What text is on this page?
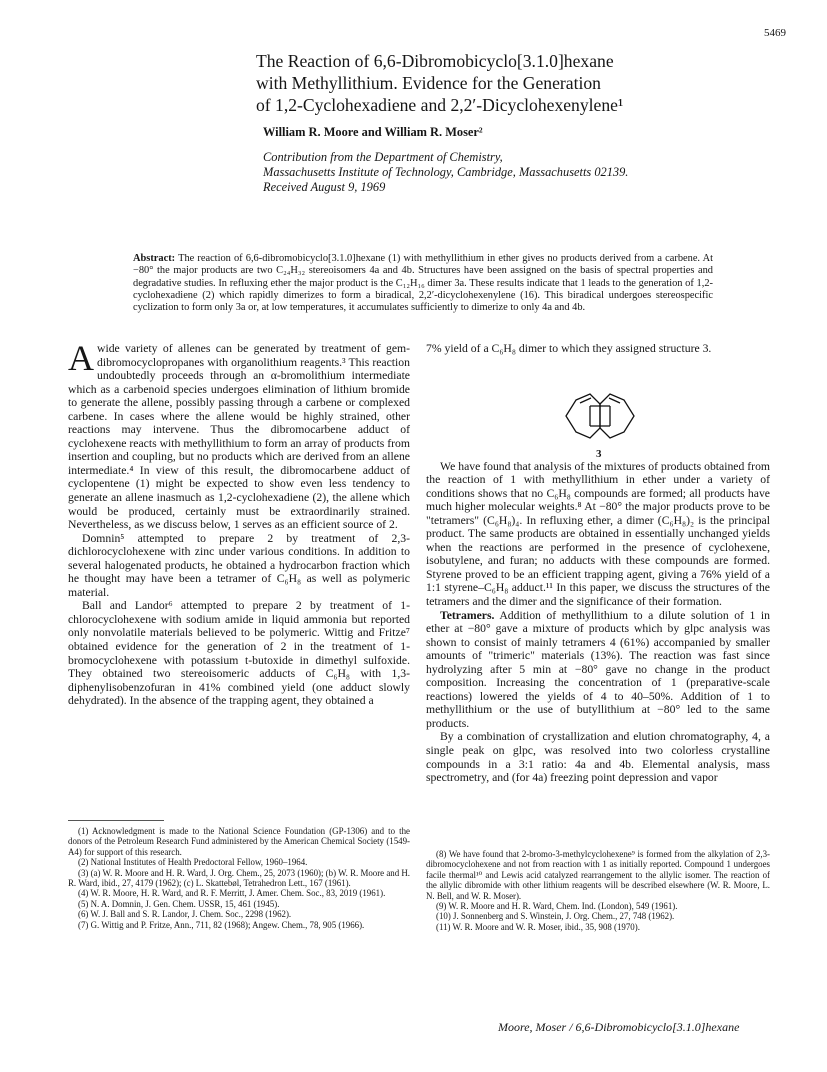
5469
The Reaction of 6,6-Dibromobicyclo[3.1.0]hexane
with Methyllithium. Evidence for the Generation
of 1,2-Cyclohexadiene and 2,2′-Dicyclohexenylene¹
William R. Moore and William R. Moser²
Contribution from the Department of Chemistry,
Massachusetts Institute of Technology, Cambridge, Massachusetts 02139.
Received August 9, 1969
Abstract: The reaction of 6,6-dibromobicyclo[3.1.0]hexane (1) with methyllithium in ether gives no products derived from a carbene. At −80° the major products are two C₂₄H₃₂ stereoisomers 4a and 4b. Structures have been assigned on the basis of spectral properties and degradative studies. In refluxing ether the major product is the C₁₂H₁₆ dimer 3a. These results indicate that 1 leads to the generation of 1,2-cyclohexadiene (2) which rapidly dimerizes to form a biradical, 2,2′-dicyclohexenylene (16). This biradical undergoes stereospecific cyclization to form only 3a or, at low temperatures, it accumulates sufficiently to dimerize to only 4a and 4b.

A wide variety of allenes can be generated by treatment of gem-dibromocyclopropanes with organolithium reagents.³ This reaction undoubtedly proceeds through an α-bromolithium intermediate which as a carbenoid species undergoes elimination of lithium bromide to generate the allene, possibly passing through a carbene or complexed carbene. In cases where the allene would be highly strained, other reactions may intervene. Thus the dibromocarbene adduct of cyclohexene reacts with methyllithium to form an array of products from insertion and coupling, but no products which are derived from an allene intermediate.⁴ In view of this result, the dibromocarbene adduct of cyclopentene (1) might be expected to show even less tendency to generate an allene inasmuch as 1,2-cyclohexadiene (2), the allene which would be produced, certainly must be extraordinarily strained. Nevertheless, as we discuss below, 1 serves as an efficient source of 2.

Domnin⁵ attempted to prepare 2 by treatment of 2,3-dichlorocyclohexene with zinc under various conditions. In addition to several halogenated products, he obtained a hydrocarbon fraction which he thought may have been a tetramer of C₆H₈ as well as polymeric material.

Ball and Landor⁶ attempted to prepare 2 by treatment of 1-chlorocyclohexene with sodium amide in liquid ammonia but reported only nonvolatile materials believed to be polymeric. Wittig and Fritze⁷ obtained evidence for the generation of 2 in the treatment of 1-bromocyclohexene with potassium t-butoxide in dimethyl sulfoxide. They obtained two stereoisomeric adducts of C₆H₈ with 1,3-diphenylisobenzofuran in 41% combined yield (one adduct slowly dehydrated). In the absence of the trapping agent, they obtained a

7% yield of a C₆H₈ dimer to which they assigned structure 3.

We have found that analysis of the mixtures of products obtained from the reaction of 1 with methyllithium in ether under a variety of conditions shows that no C₆H₈ compounds are formed; all products have much higher molecular weights.⁸ At −80° the major products prove to be "tetramers" (C₆H₈)₄. In refluxing ether, a dimer (C₆H₈)₂ is the principal product. The same products are obtained in essentially unchanged yields when the reactions are performed in the presence of cyclohexene, isobutylene, and furan; no adducts with these compounds are formed. Styrene proved to be an efficient trapping agent, giving a 76% yield of a 1:1 styrene–C₆H₈ adduct.¹¹ In this paper, we discuss the structures of the tetramers and the dimer and the significance of their formation.

Tetramers. Addition of methyllithium to a dilute solution of 1 in ether at −80° gave a mixture of products which by glpc analysis was shown to consist of mainly tetramers 4 (61%) accompanied by smaller amounts of "trimeric" materials (13%). The reaction was fast since hydrolyzing after 5 min at −80° gave no change in the product composition. Increasing the concentration of 1 (preparative-scale reactions) lowered the yields of 4 to 40–50%. Addition of 1 to methyllithium or the use of butyllithium at −80° led to the same products.

By a combination of crystallization and elution chromatography, 4, a single peak on glpc, was resolved into two colorless crystalline compounds in a 3:1 ratio: 4a and 4b. Elemental analysis, mass spectrometry, and (for 4a) freezing point depression and vapor

3

(1) Acknowledgment is made to the National Science Foundation (GP-1306) and to the donors of the Petroleum Research Fund administered by the American Chemical Society (1549-A4) for support of this research.

(2) National Institutes of Health Predoctoral Fellow, 1960–1964.

(3) (a) W. R. Moore and H. R. Ward, J. Org. Chem., 25, 2073 (1960); (b) W. R. Moore and H. R. Ward, ibid., 27, 4179 (1962); (c) L. Skattebøl, Tetrahedron Lett., 167 (1961).

(4) W. R. Moore, H. R. Ward, and R. F. Merritt, J. Amer. Chem. Soc., 83, 2019 (1961).

(5) N. A. Domnin, J. Gen. Chem. USSR, 15, 461 (1945).

(6) W. J. Ball and S. R. Landor, J. Chem. Soc., 2298 (1962).

(7) G. Wittig and P. Fritze, Ann., 711, 82 (1968); Angew. Chem., 78, 905 (1966).

(8) We have found that 2-bromo-3-methylcyclohexene⁹ is formed from the alkylation of 2,3-dibromocyclohexene and not from reaction with 1 as initially reported. Compound 1 undergoes facile thermal¹⁰ and Lewis acid catalyzed rearrangement to the allylic isomer. The reaction of the allylic dibromide with other lithium reagents will be described elsewhere (W. R. Moore, L. N. Bell, and W. R. Moser).

(9) W. R. Moore and H. R. Ward, Chem. Ind. (London), 549 (1961).

(10) J. Sonnenberg and S. Winstein, J. Org. Chem., 27, 748 (1962).

(11) W. R. Moore and W. R. Moser, ibid., 35, 908 (1970).

Moore, Moser / 6,6-Dibromobicyclo[3.1.0]hexane
